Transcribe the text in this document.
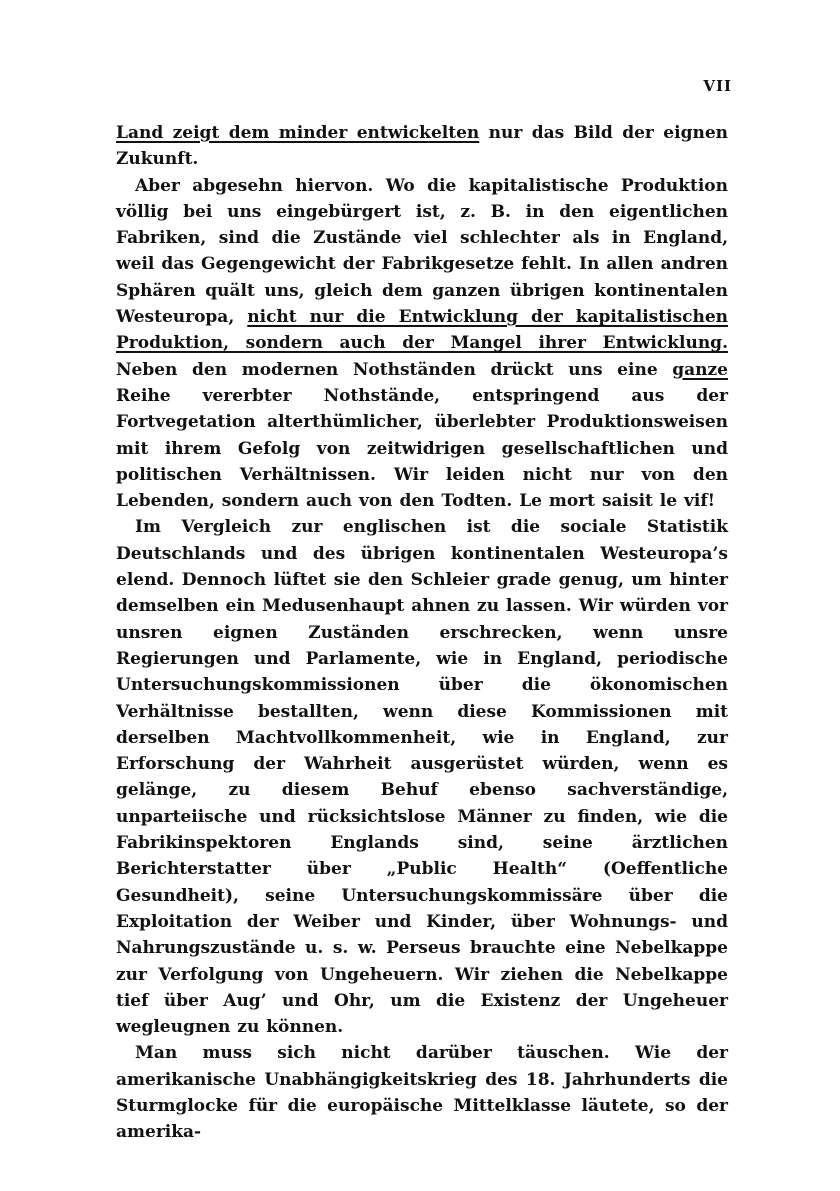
VII

Land zeigt dem minder entwickelten nur das Bild der eignen Zukunft.

Aber abgesehn hiervon. Wo die kapitalistische Produktion völlig bei uns eingebürgert ist, z. B. in den eigentlichen Fabriken, sind die Zustände viel schlechter als in England, weil das Gegengewicht der Fabrikgesetze fehlt. In allen andren Sphären quält uns, gleich dem ganzen übrigen kontinentalen Westeuropa, nicht nur die Entwicklung der kapitalistischen Produktion, sondern auch der Mangel ihrer Entwicklung. Neben den modernen Nothständen drückt uns eine ganze Reihe vererbter Nothstände, entspringend aus der Fortvegetation alterthümlicher, überlebter Produktionsweisen mit ihrem Gefolg von zeitwidrigen gesellschaftlichen und politischen Verhältnissen. Wir leiden nicht nur von den Lebenden, sondern auch von den Todten. Le mort saisit le vif!

Im Vergleich zur englischen ist die sociale Statistik Deutschlands und des übrigen kontinentalen Westeuropa’s elend. Dennoch lüftet sie den Schleier grade genug, um hinter demselben ein Medusenhaupt ahnen zu lassen. Wir würden vor unsren eignen Zuständen erschrecken, wenn unsre Regierungen und Parlamente, wie in England, periodische Untersuchungskommissionen über die ökonomischen Verhältnisse bestallten, wenn diese Kommissionen mit derselben Machtvollkommenheit, wie in England, zur Erforschung der Wahrheit ausgerüstet würden, wenn es gelänge, zu diesem Behuf ebenso sachverständige, unparteiische und rücksichtslose Männer zu finden, wie die Fabrikinspektoren Englands sind, seine ärztlichen Berichterstatter über „Public Health“ (Oeffentliche Gesundheit), seine Untersuchungskommissäre über die Exploitation der Weiber und Kinder, über Wohnungs- und Nahrungszustände u. s. w. Perseus brauchte eine Nebelkappe zur Verfolgung von Ungeheuern. Wir ziehen die Nebelkappe tief über Aug’ und Ohr, um die Existenz der Ungeheuer wegleugnen zu können.

Man muss sich nicht darüber täuschen. Wie der amerikanische Unabhängigkeitskrieg des 18. Jahrhunderts die Sturmglocke für die europäische Mittelklasse läutete, so der amerika-
